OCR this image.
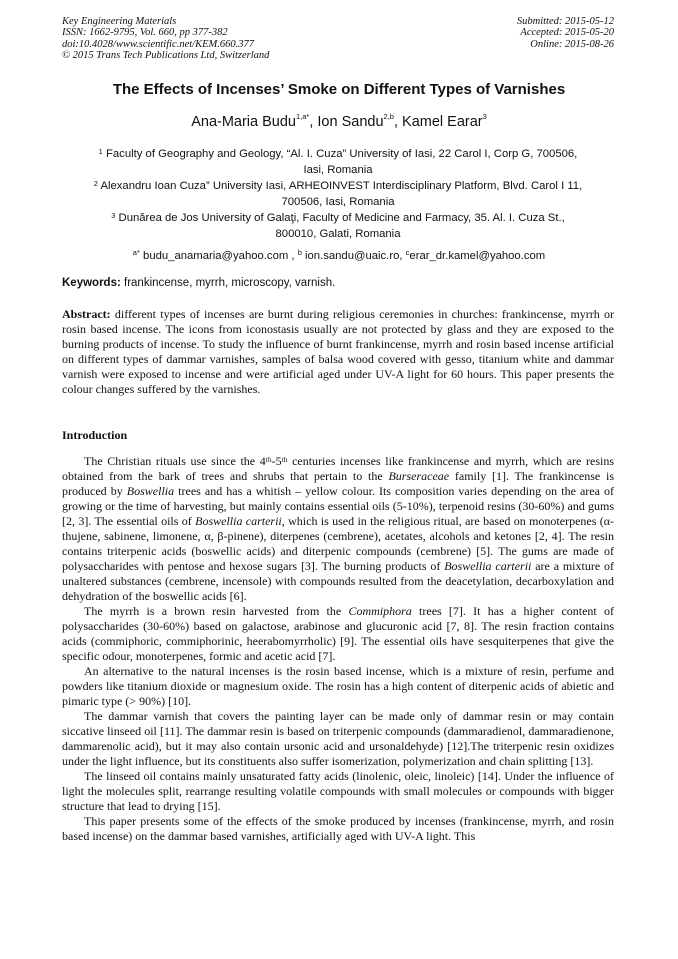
Key Engineering Materials
ISSN: 1662-9795, Vol. 660, pp 377-382
doi:10.4028/www.scientific.net/KEM.660.377
© 2015 Trans Tech Publications Ltd, Switzerland
Submitted: 2015-05-12
Accepted: 2015-05-20
Online: 2015-08-26
The Effects of Incenses’ Smoke on Different Types of Varnishes
Ana-Maria Budu$^{1,a*}$, Ion Sandu$^{2,b}$, Kamel Earar$^3$
$^1$ Faculty of Geography and Geology, “Al. I. Cuza” University of Iasi, 22 Carol I, Corp G, 700506,
Iasi, Romania
$^2$ Alexandru Ioan Cuza” University Iasi, ARHEOINVEST Interdisciplinary Platform, Blvd. Carol I 11,
700506, Iasi, Romania
$^3$ Dunărea de Jos University of Galaţi, Faculty of Medicine and Farmacy, 35. Al. I. Cuza St.,
800010, Galati, Romania
$^{a*}$ budu_anamaria@yahoo.com , $^b$ ion.sandu@uaic.ro, $^c$erar_dr.kamel@yahoo.com
Keywords: frankincense, myrrh, microscopy, varnish.
Abstract: different types of incenses are burnt during religious ceremonies in churches: frankincense, myrrh or rosin based incense. The icons from iconostasis usually are not protected by glass and they are exposed to the burning products of incense. To study the influence of burnt frankincense, myrrh and rosin based incense artificial on different types of dammar varnishes, samples of balsa wood covered with gesso, titanium white and dammar varnish were exposed to incense and were artificial aged under UV-A light for 60 hours. This paper presents the colour changes suffered by the varnishes.
Introduction

The Christian rituals use since the 4th-5th centuries incenses like frankincense and myrrh, which are resins obtained from the bark of trees and shrubs that pertain to the Burseraceae family [1]. The frankincense is produced by Boswellia trees and has a whitish – yellow colour. Its composition varies depending on the area of growing or the time of harvesting, but mainly contains essential oils (5-10%), terpenoid resins (30-60%) and gums [2, 3]. The essential oils of Boswellia carterii, which is used in the religious ritual, are based on monoterpenes (α-thujene, sabinene, limonene, α, β-pinene), diterpenes (cembrene), acetates, alcohols and ketones [2, 4]. The resin contains triterpenic acids (boswellic acids) and diterpenic compounds (cembrene) [5]. The gums are made of polysaccharides with pentose and hexose sugars [3]. The burning products of Boswellia carterii are a mixture of unaltered substances (cembrene, incensole) with compounds resulted from the deacetylation, decarboxylation and dehydration of the boswellic acids [6].

The myrrh is a brown resin harvested from the Commiphora trees [7]. It has a higher content of polysaccharides (30-60%) based on galactose, arabinose and glucuronic acid [7, 8]. The resin fraction contains acids (commiphoric, commiphorinic, heerabomyrrholic) [9]. The essential oils have sesquiterpenes that give the specific odour, monoterpenes, formic and acetic acid [7].

An alternative to the natural incenses is the rosin based incense, which is a mixture of resin, perfume and powders like titanium dioxide or magnesium oxide. The rosin has a high content of diterpenic acids of abietic and pimaric type (> 90%) [10].

The dammar varnish that covers the painting layer can be made only of dammar resin or may contain siccative linseed oil [11]. The dammar resin is based on triterpenic compounds (dammaradienol, dammaradienone, dammarenolic acid), but it may also contain ursonic acid and ursonaldehyde) [12].The triterpenic resin oxidizes under the light influence, but its constituents also suffer isomerization, polymerization and chain splitting [13].

The linseed oil contains mainly unsaturated fatty acids (linolenic, oleic, linoleic) [14]. Under the influence of light the molecules split, rearrange resulting volatile compounds with small molecules or compounds with bigger structure that lead to drying [15].

This paper presents some of the effects of the smoke produced by incenses (frankincense, myrrh, and rosin based incense) on the dammar based varnishes, artificially aged with UV-A light. This
